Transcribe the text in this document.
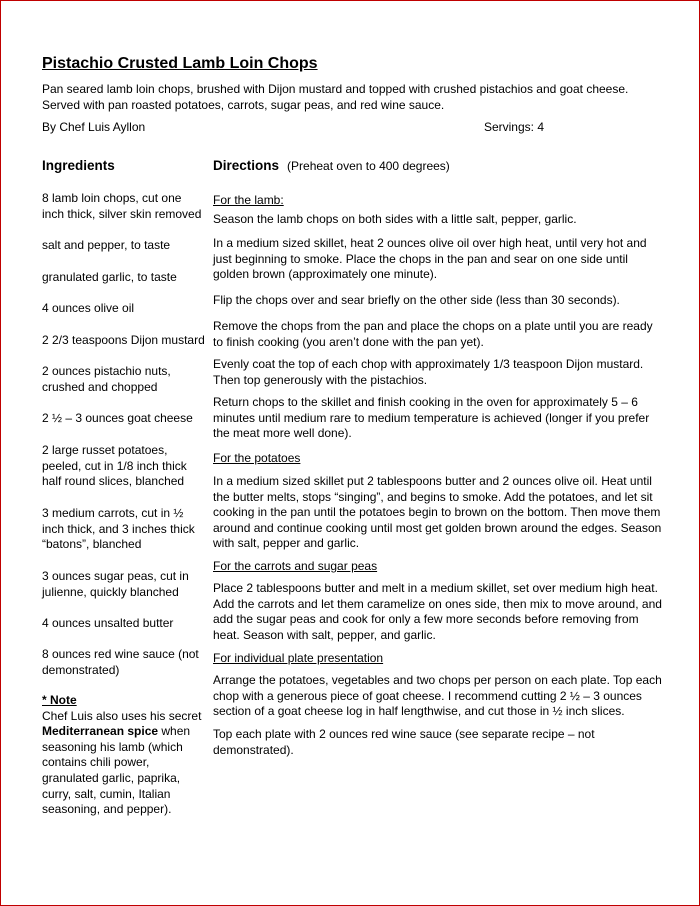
Pistachio Crusted Lamb Loin Chops
Pan seared lamb loin chops, brushed with Dijon mustard and topped with crushed pistachios and goat cheese. Served with pan roasted potatoes, carrots, sugar peas, and red wine sauce.
By Chef Luis Ayllon	Servings: 4
Ingredients
8 lamb loin chops, cut one inch thick, silver skin removed
salt and pepper, to taste
granulated garlic, to taste
4 ounces olive oil
2 2/3 teaspoons Dijon mustard
2 ounces pistachio nuts, crushed and chopped
2 ½ – 3 ounces goat cheese
2 large russet potatoes, peeled, cut in 1/8 inch thick half round slices, blanched
3 medium carrots, cut in ½ inch thick, and 3 inches thick “batons”, blanched
3 ounces sugar peas, cut in julienne, quickly blanched
4 ounces unsalted butter
8 ounces red wine sauce (not demonstrated)
* Note
Chef Luis also uses his secret Mediterranean spice when seasoning his lamb (which contains chili power, granulated garlic, paprika, curry, salt, cumin, Italian seasoning, and pepper).
Directions (Preheat oven to 400 degrees)
For the lamb:
Season the lamb chops on both sides with a little salt, pepper, garlic.
In a medium sized skillet, heat 2 ounces olive oil over high heat, until very hot and just beginning to smoke. Place the chops in the pan and sear on one side until golden brown (approximately one minute).
Flip the chops over and sear briefly on the other side (less than 30 seconds).
Remove the chops from the pan and place the chops on a plate until you are ready to finish cooking (you aren’t done with the pan yet).
Evenly coat the top of each chop with approximately 1/3 teaspoon Dijon mustard. Then top generously with the pistachios.
Return chops to the skillet and finish cooking in the oven for approximately 5 – 6 minutes until medium rare to medium temperature is achieved (longer if you prefer the meat more well done).
For the potatoes
In a medium sized skillet put 2 tablespoons butter and 2 ounces olive oil. Heat until the butter melts, stops “singing”, and begins to smoke. Add the potatoes, and let sit cooking in the pan until the potatoes begin to brown on the bottom. Then move them around and continue cooking until most get golden brown around the edges. Season with salt, pepper and garlic.
For the carrots and sugar peas
Place 2 tablespoons butter and melt in a medium skillet, set over medium high heat. Add the carrots and let them caramelize on ones side, then mix to move around, and add the sugar peas and cook for only a few more seconds before removing from heat. Season with salt, pepper, and garlic.
For individual plate presentation
Arrange the potatoes, vegetables and two chops per person on each plate. Top each chop with a generous piece of goat cheese. I recommend cutting 2 ½ – 3 ounces section of a goat cheese log in half lengthwise, and cut those in ½ inch slices.
Top each plate with 2 ounces red wine sauce (see separate recipe – not demonstrated).
